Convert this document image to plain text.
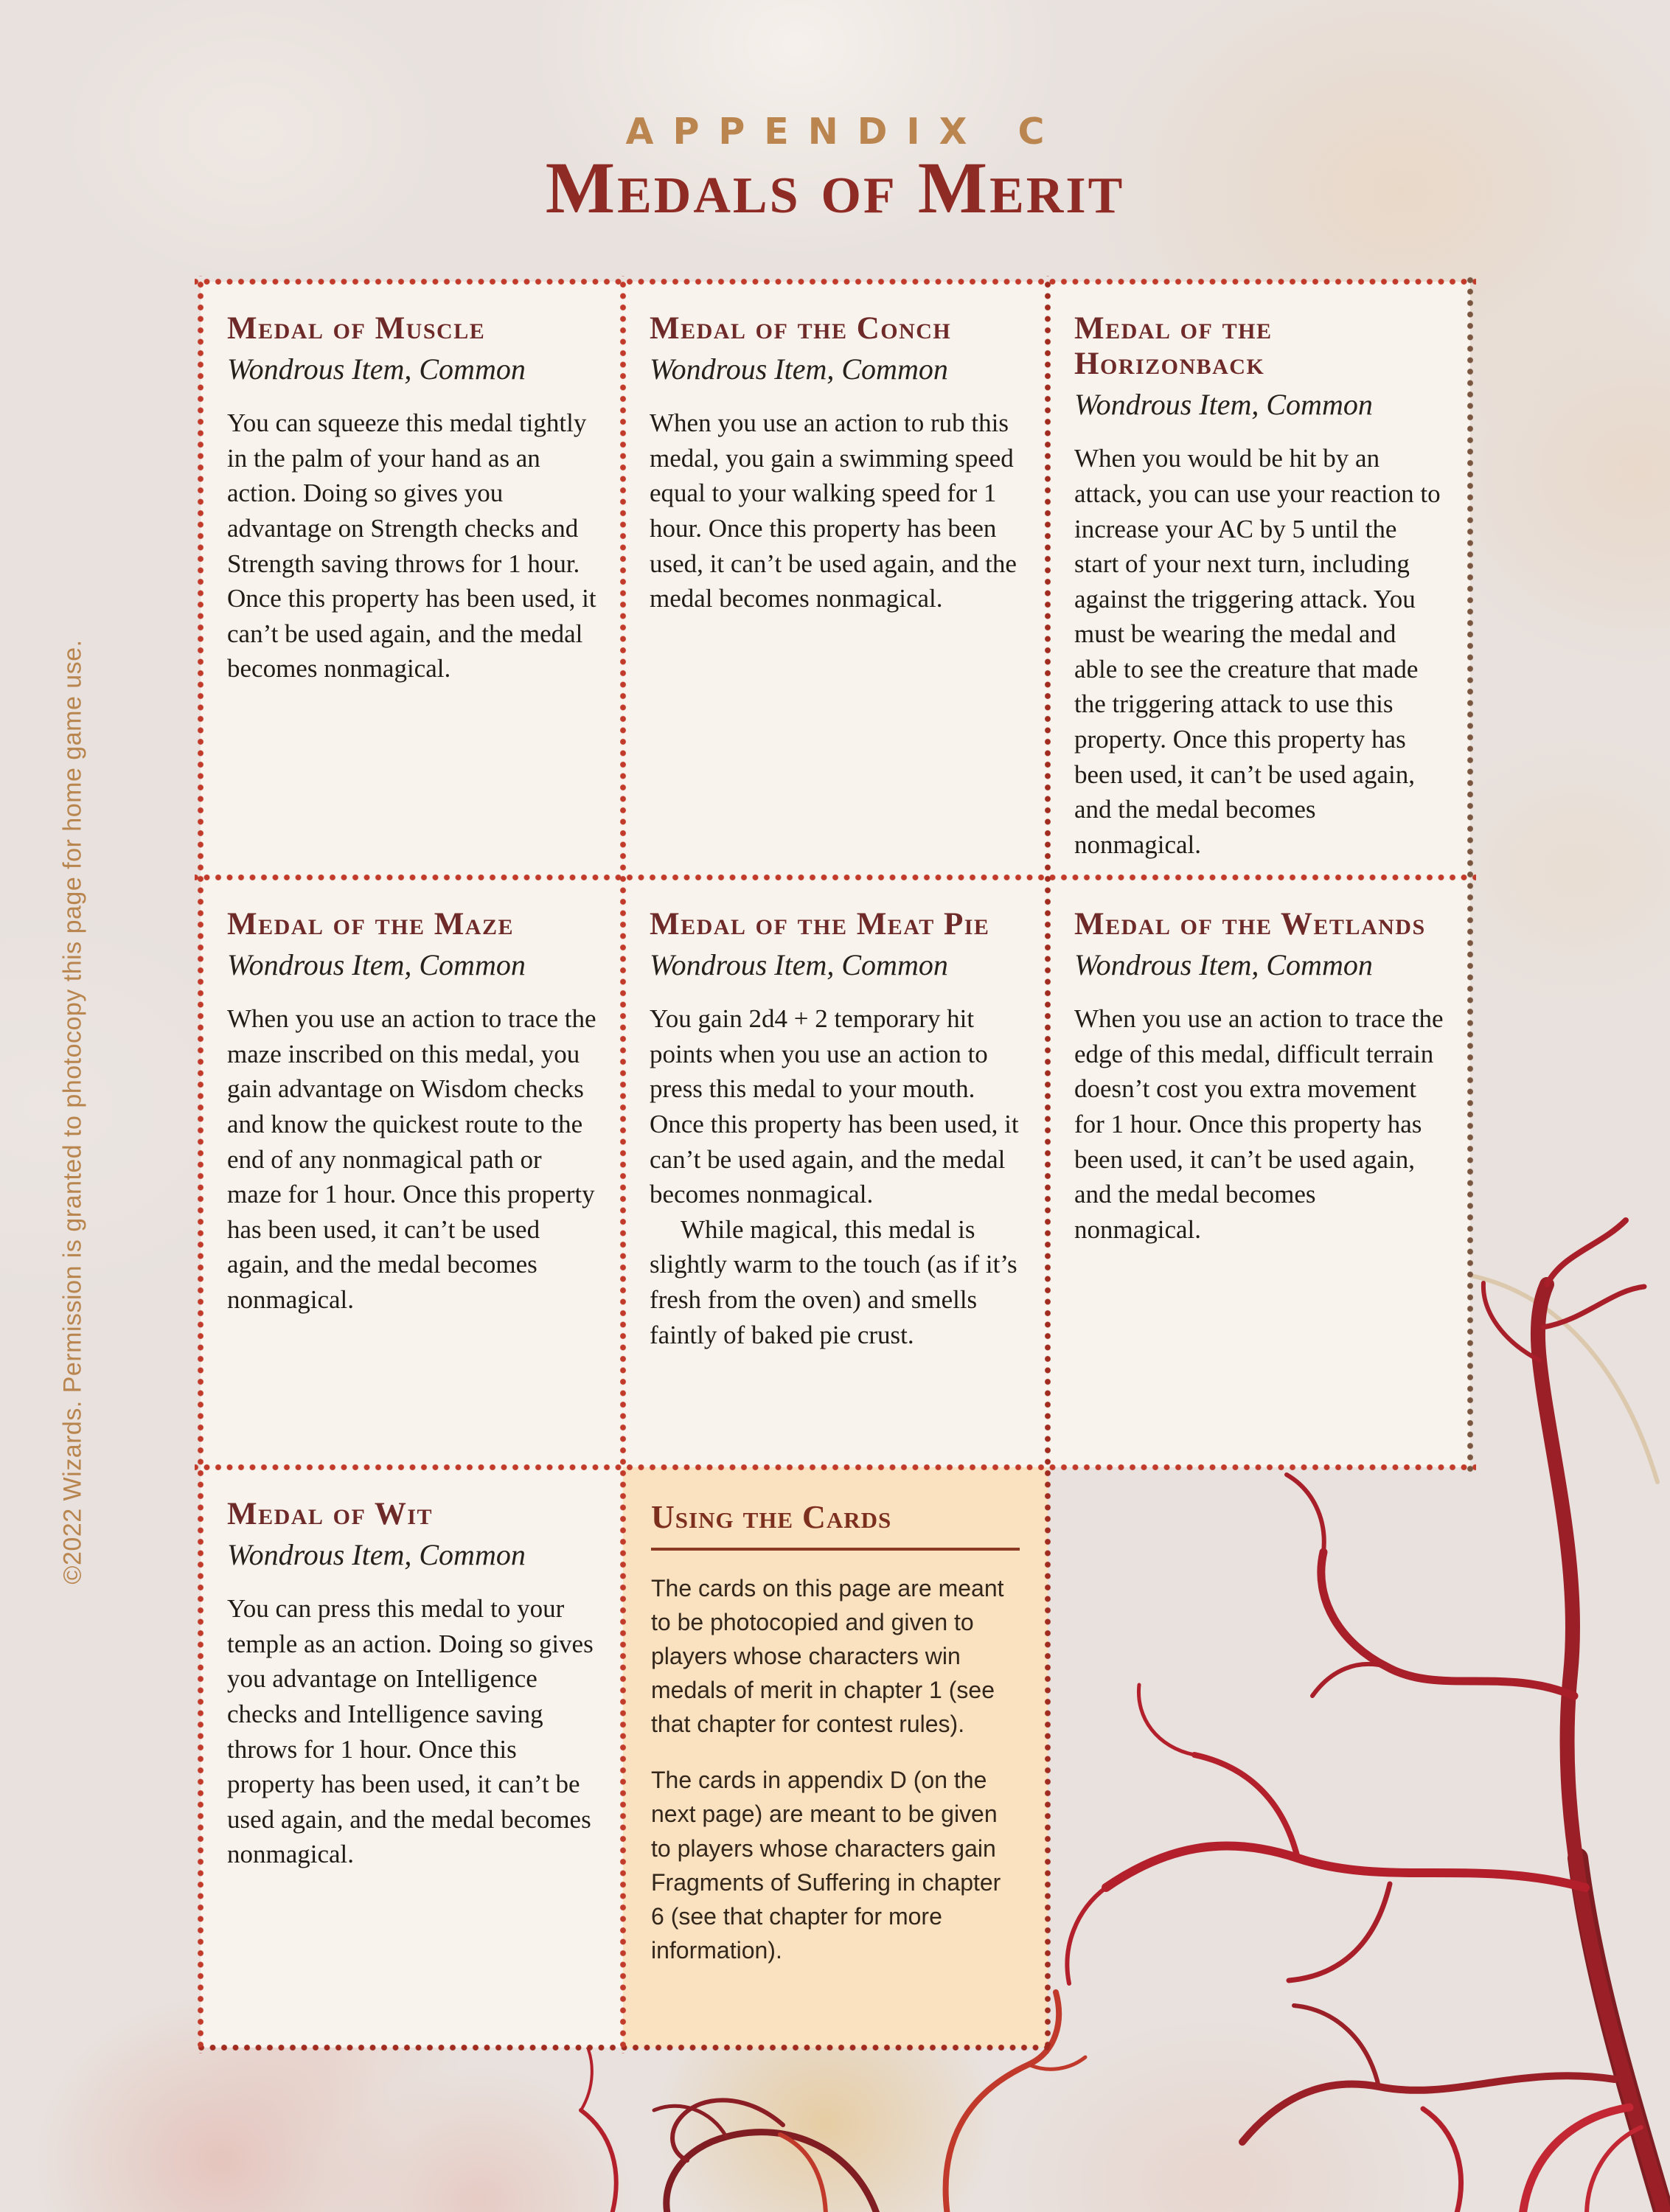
©2022 Wizards. Permission is granted to photocopy this page for home game use.
APPENDIX C
Medals of Merit
Medal of Muscle

Wondrous Item, Common

You can squeeze this medal tightly in the palm of your hand as an action. Doing so gives you advantage on Strength checks and Strength saving throws for 1 hour. Once this property has been used, it can’t be used again, and the medal becomes nonmagical.

Medal of the Conch

Wondrous Item, Common

When you use an action to rub this medal, you gain a swimming speed equal to your walking speed for 1 hour. Once this property has been used, it can’t be used again, and the medal becomes nonmagical.

Medal of the Horizonback

Wondrous Item, Common

When you would be hit by an attack, you can use your reaction to increase your AC by 5 until the start of your next turn, including against the triggering attack. You must be wearing the medal and able to see the creature that made the triggering attack to use this property. Once this property has been used, it can’t be used again, and the medal becomes nonmagical.

Medal of the Maze

Wondrous Item, Common

When you use an action to trace the maze inscribed on this medal, you gain advantage on Wisdom checks and know the quickest route to the end of any nonmagical path or maze for 1 hour. Once this property has been used, it can’t be used again, and the medal becomes nonmagical.

Medal of the Meat Pie

Wondrous Item, Common

You gain 2d4 + 2 temporary hit points when you use an action to press this medal to your mouth. Once this property has been used, it can’t be used again, and the medal becomes nonmagical.

While magical, this medal is slightly warm to the touch (as if it’s fresh from the oven) and smells faintly of baked pie crust.

Medal of the Wetlands

Wondrous Item, Common

When you use an action to trace the edge of this medal, difficult terrain doesn’t cost you extra movement for 1 hour. Once this property has been used, it can’t be used again, and the medal becomes nonmagical.

Medal of Wit

Wondrous Item, Common

You can press this medal to your temple as an action. Doing so gives you advantage on Intelligence checks and Intelligence saving throws for 1 hour. Once this property has been used, it can’t be used again, and the medal becomes nonmagical.

Using the Cards

The cards on this page are meant to be photocopied and given to players whose characters win medals of merit in chapter 1 (see that chapter for contest rules).

The cards in appendix D (on the next page) are meant to be given to players whose characters gain Fragments of Suffering in chapter 6 (see that chapter for more information).
